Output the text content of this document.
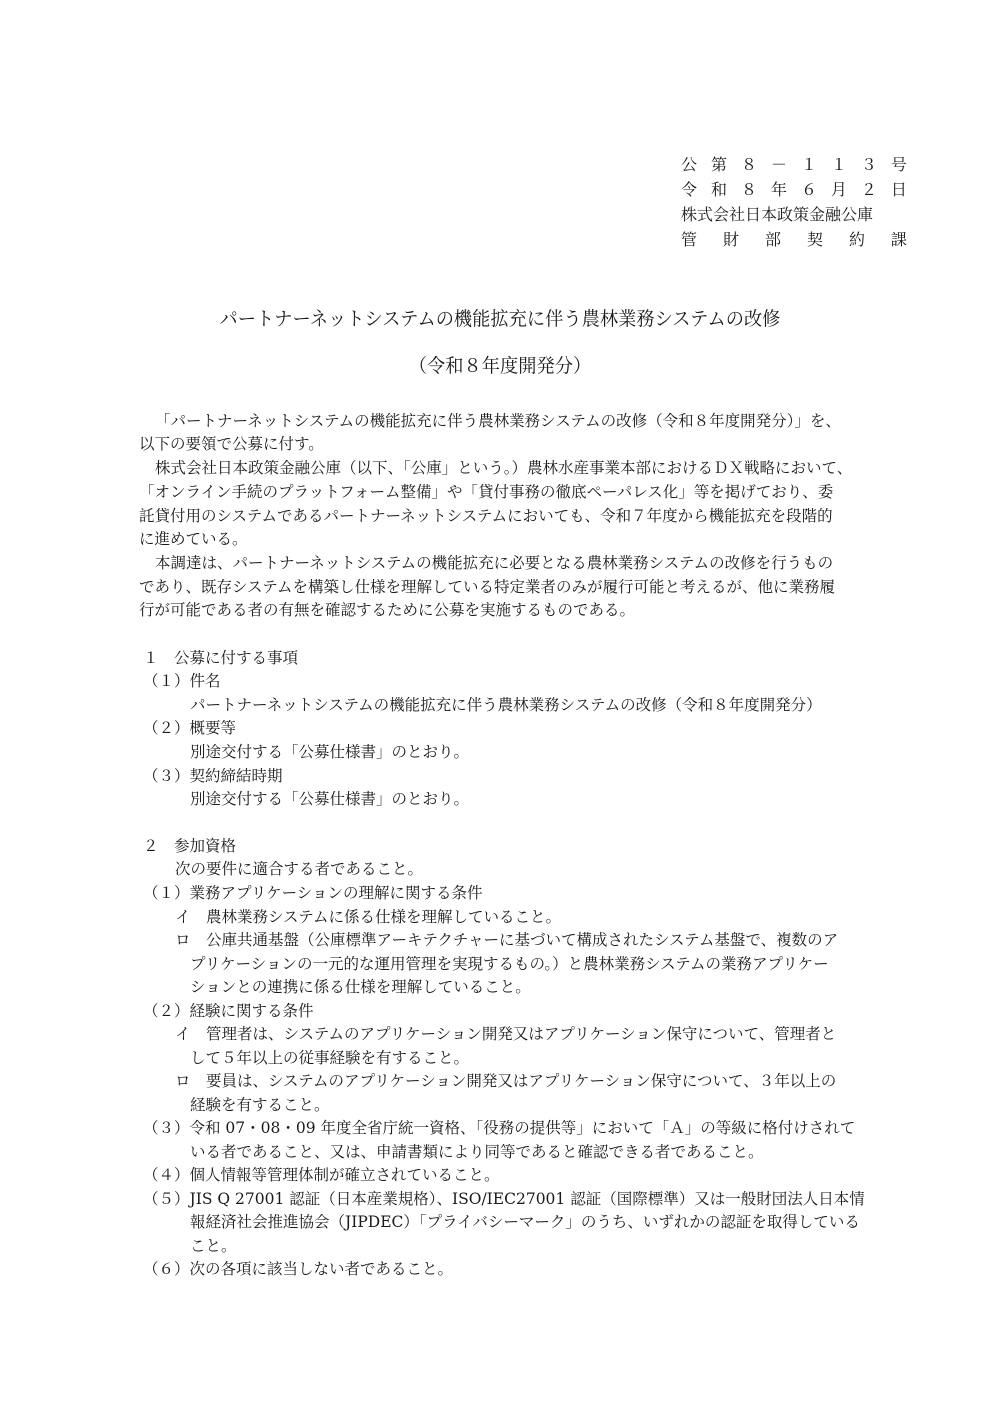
公 第 ８ － １ １ ３ 号
令 和 ８ 年 ６ 月 ２ 日
株式会社日本政策金融公庫
管 財 部 契 約 課
パートナーネットシステムの機能拡充に伴う農林業務システムの改修
（令和８年度開発分）
「パートナーネットシステムの機能拡充に伴う農林業務システムの改修（令和８年度開発分）」を、
以下の要領で公募に付す。
株式会社日本政策金融公庫（以下、「公庫」という。）農林水産事業本部におけるＤＸ戦略において、
「オンライン手続のプラットフォーム整備」や「貸付事務の徹底ペーパレス化」等を掲げており、委
託貸付用のシステムであるパートナーネットシステムにおいても、令和７年度から機能拡充を段階的
に進めている。
本調達は、パートナーネットシステムの機能拡充に必要となる農林業務システムの改修を行うもの
であり、既存システムを構築し仕様を理解している特定業者のみが履行可能と考えるが、他に業務履
行が可能である者の有無を確認するために公募を実施するものである。
１　公募に付する事項
（１）件名
パートナーネットシステムの機能拡充に伴う農林業務システムの改修（令和８年度開発分）
（２）概要等
別途交付する「公募仕様書」のとおり。
（３）契約締結時期
別途交付する「公募仕様書」のとおり。
２　参加資格
次の要件に適合する者であること。
（１）業務アプリケーションの理解に関する条件
イ　農林業務システムに係る仕様を理解していること。
ロ　公庫共通基盤（公庫標準アーキテクチャーに基づいて構成されたシステム基盤で、複数のア
プリケーションの一元的な運用管理を実現するもの。）と農林業務システムの業務アプリケー
ションとの連携に係る仕様を理解していること。
（２）経験に関する条件
イ　管理者は、システムのアプリケーション開発又はアプリケーション保守について、管理者と
して５年以上の従事経験を有すること。
ロ　要員は、システムのアプリケーション開発又はアプリケーション保守について、３年以上の
経験を有すること。
（３）令和 07・08・09 年度全省庁統一資格、「役務の提供等」において「Ａ」の等級に格付けされて
いる者であること、又は、申請書類により同等であると確認できる者であること。
（４）個人情報等管理体制が確立されていること。
（５）JIS Q 27001 認証（日本産業規格）、ISO/IEC27001 認証（国際標準）又は一般財団法人日本情
報経済社会推進協会（JIPDEC）「プライバシーマーク」のうち、いずれかの認証を取得している
こと。
（６）次の各項に該当しない者であること。
